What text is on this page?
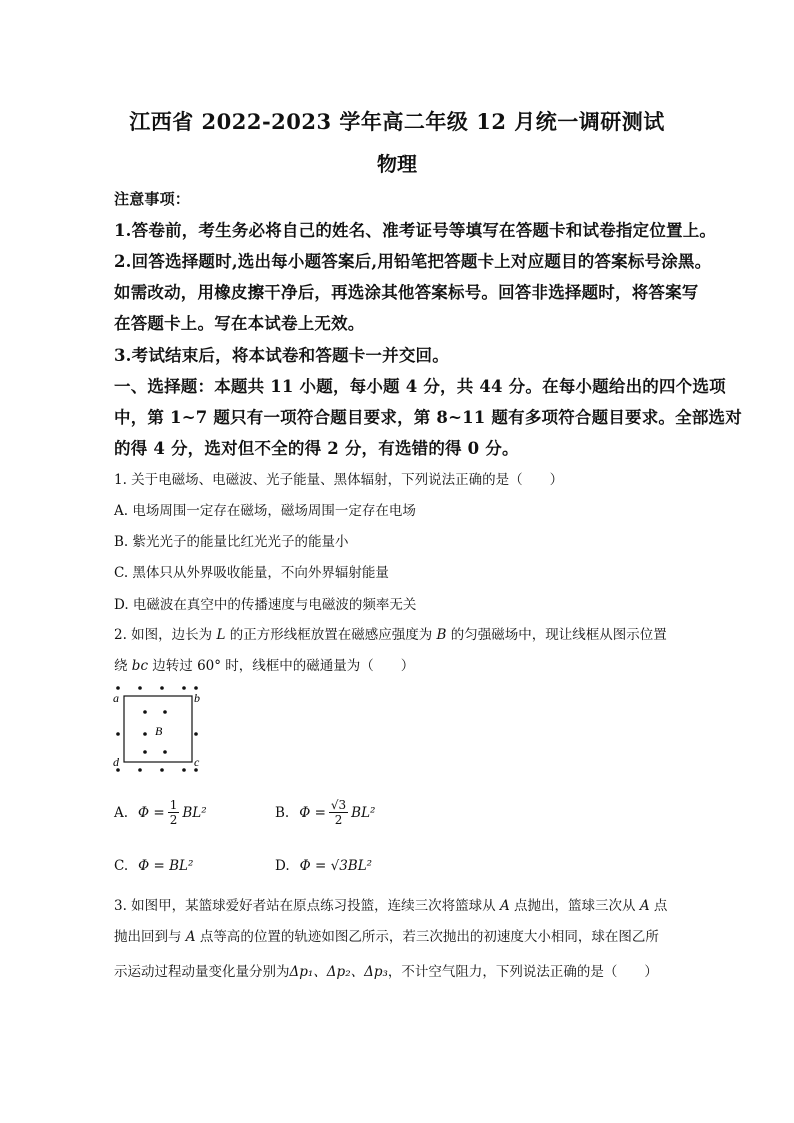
江西省 2022-2023 学年高二年级 12 月统一调研测试
物理
注意事项：
1.答卷前，考生务必将自己的姓名、准考证号等填写在答题卡和试卷指定位置上。
2.回答选择题时,选出每小题答案后,用铅笔把答题卡上对应题目的答案标号涂黑。
如需改动，用橡皮擦干净后，再选涂其他答案标号。回答非选择题时，将答案写
在答题卡上。写在本试卷上无效。
3.考试结束后，将本试卷和答题卡一并交回。
一、选择题：本题共 11 小题，每小题 4 分，共 44 分。在每小题给出的四个选项
中，第 1~7 题只有一项符合题目要求，第 8~11 题有多项符合题目要求。全部选对
的得 4 分，选对但不全的得 2 分，有选错的得 0 分。
1. 关于电磁场、电磁波、光子能量、黑体辐射，下列说法正确的是（　　）
A. 电场周围一定存在磁场，磁场周围一定存在电场
B. 紫光光子的能量比红光光子的能量小
C. 黑体只从外界吸收能量，不向外界辐射能量
D. 电磁波在真空中的传播速度与电磁波的频率无关
2. 如图，边长为 L 的正方形线框放置在磁感应强度为 B 的匀强磁场中，现让线框从图示位置
绕 bc 边转过 60° 时，线框中的磁通量为（　　）
a	b
d	c
B
A. $\Phi = \frac{1}{2} BL^2$	B. $\Phi = \frac{√3}{2} BL^2$
C. Φ = BL²	D. Φ = √3BL²
3. 如图甲，某篮球爱好者站在原点练习投篮，连续三次将篮球从 A 点抛出，篮球三次从 A 点
抛出回到与 A 点等高的位置的轨迹如图乙所示，若三次抛出的初速度大小相同，球在图乙所
示运动过程动量变化量分别为Δp₁、Δp₂、Δp₃，不计空气阻力，下列说法正确的是（　　）
